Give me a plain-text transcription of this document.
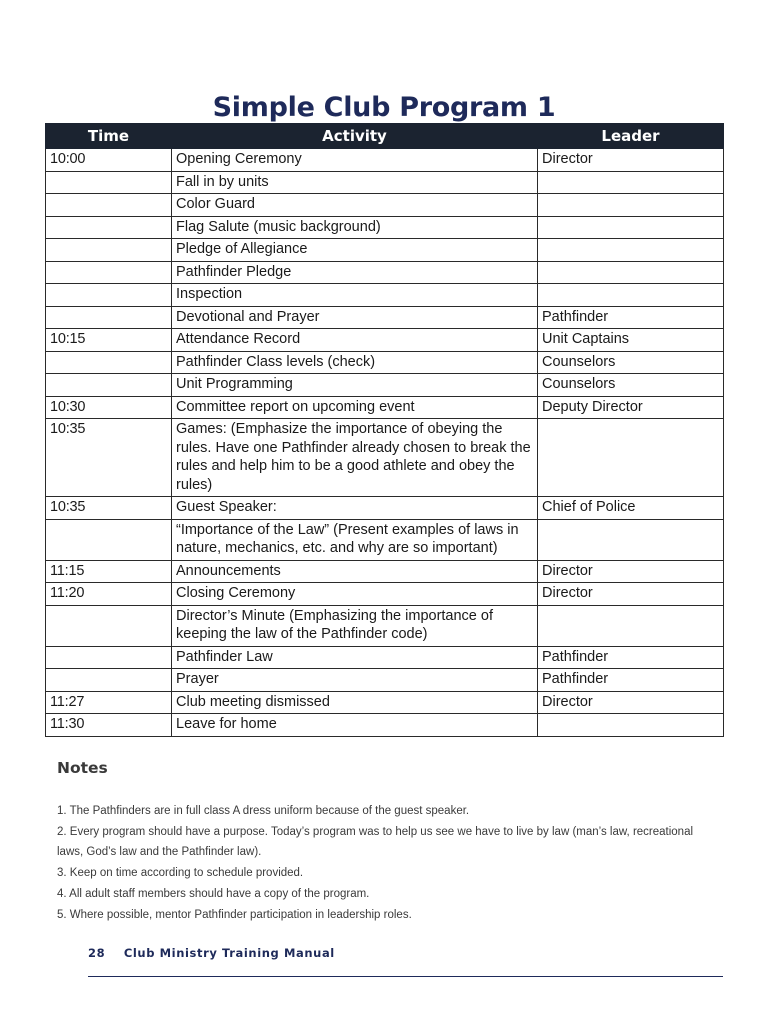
Simple Club Program 1
Time	Activity	Leader
10:00	Opening Ceremony	Director
	Fall in by units	
	Color Guard	
	Flag Salute (music background)	
	Pledge of Allegiance	
	Pathfinder Pledge	
	Inspection	
	Devotional and Prayer	Pathfinder
10:15	Attendance Record	Unit Captains
	Pathfinder Class levels (check)	Counselors
	Unit Programming	Counselors
10:30	Committee report on upcoming event	Deputy Director
10:35	Games: (Emphasize the importance of obeying the rules. Have one Pathfinder already chosen to break the rules and help him to be a good athlete and obey the rules)	
10:35	Guest Speaker:	Chief of Police
	“Importance of the Law” (Present examples of laws in nature, mechanics, etc. and why are so important)	
11:15	Announcements	Director
11:20	Closing Ceremony	Director
	Director’s Minute (Emphasizing the importance of keeping the law of the Pathfinder code)	
	Pathfinder Law	Pathfinder
	Prayer	Pathfinder
11:27	Club meeting dismissed	Director
11:30	Leave for home	
Notes
1. The Pathfinders are in full class A dress uniform because of the guest speaker.
2. Every program should have a purpose. Today’s program was to help us see we have to live by law (man’s law, recreational laws, God’s law and the Pathfinder law).
3. Keep on time according to schedule provided.
4. All adult staff members should have a copy of the program.
5. Where possible, mentor Pathfinder participation in leadership roles.
28 Club Ministry Training Manual
